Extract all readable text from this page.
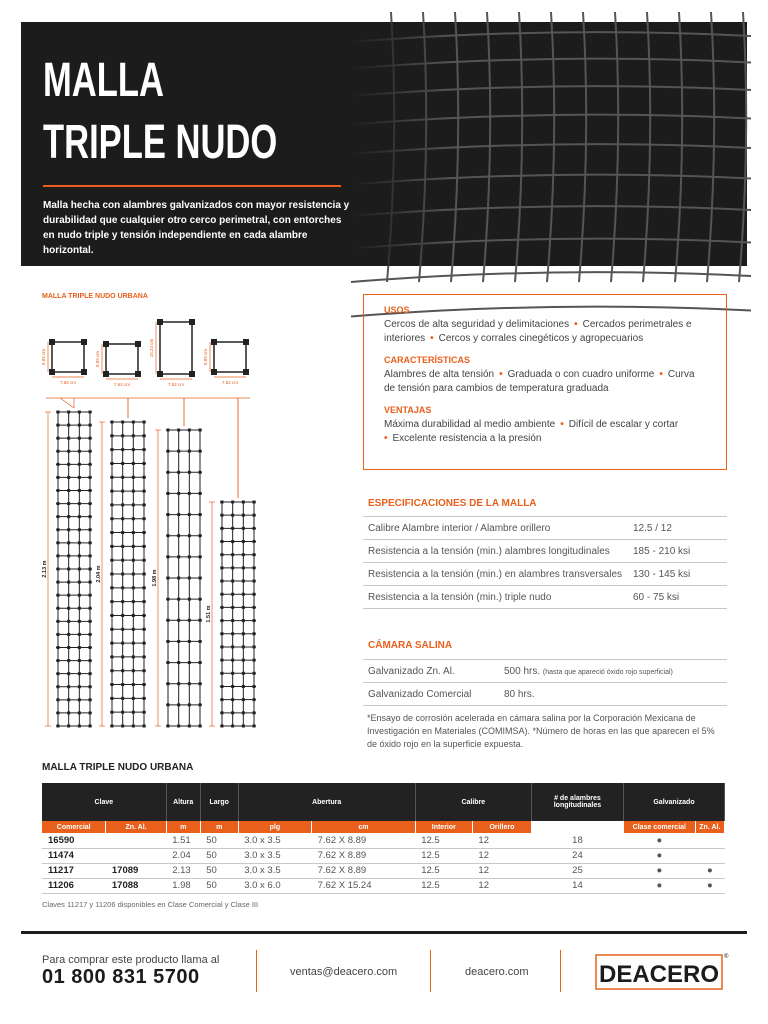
MALLA
TRIPLE NUDO
Malla hecha con alambres galvanizados con mayor resistencia y durabilidad que cualquier otro cerco perimetral, con entorches en nudo triple y tensión independiente en cada alambre horizontal.
MALLA TRIPLE NUDO URBANA
8.89 cm
7.62 cm
8.89 cm
7.62 cm
15.24 cm
7.62 cm
8.89 cm
7.62 cm
2.13 m	2.04 m	1.98 m
1.51 m
USOS

Cercos de alta seguridad y delimitaciones • Cercados perimetrales e interiores • Cercos y corrales cinegéticos y agropecuarios

CARACTERÍSTICAS

Alambres de alta tensión • Graduada o con cuadro uniforme • Curva de tensión para cambios de temperatura graduada

VENTAJAS

Máxima durabilidad al medio ambiente • Difícil de escalar y cortar
• Excelente resistencia a la presión

ESPECIFICACIONES DE LA MALLA
Calibre Alambre interior / Alambre orillero	12.5 / 12
Resistencia a la tensión (min.) alambres longitudinales	185 - 210 ksi
Resistencia a la tensión (min.) en alambres transversales	130 - 145 ksi
Resistencia a la tensión (min.) triple nudo	60 - 75 ksi
CÁMARA SALINA
Galvanizado Zn. Al.	500 hrs. (hasta que apareció óxido rojo superficial)
Galvanizado Comercial	80 hrs.
*Ensayo de corrosión acelerada en cámara salina por la Corporación Mexicana de Investigación en Materiales (COMIMSA). *Número de horas en las que aparecen el 5% de óxido rojo en la superficie expuesta.
MALLA TRIPLE NUDO URBANA
Clave		Altura	Largo	Abertura		Calibre		# de alambres longitudinales	Galvanizado	
Comercial	Zn. Al.	m	m	plg	cm	Interior	Orillero		Clase comercial	Zn. Al.
16590		1.51	50	3.0 x 3.5	7.62 X 8.89	12.5	12	18	●	
11474		2.04	50	3.0 x 3.5	7.62 X 8.89	12.5	12	24	●	
11217	17089	2.13	50	3.0 x 3.5	7.62 X 8.89	12.5	12	25	●	●
11206	17088	1.98	50	3.0 x 6.0	7.62 X 15.24	12.5	12	14	●	●
Claves 11217 y 11206 disponibles en Clase Comercial y Clase III
Para comprar este producto llama al
01 800 831 5700	ventas@deacero.com	deacero.com	DEACERO
®
